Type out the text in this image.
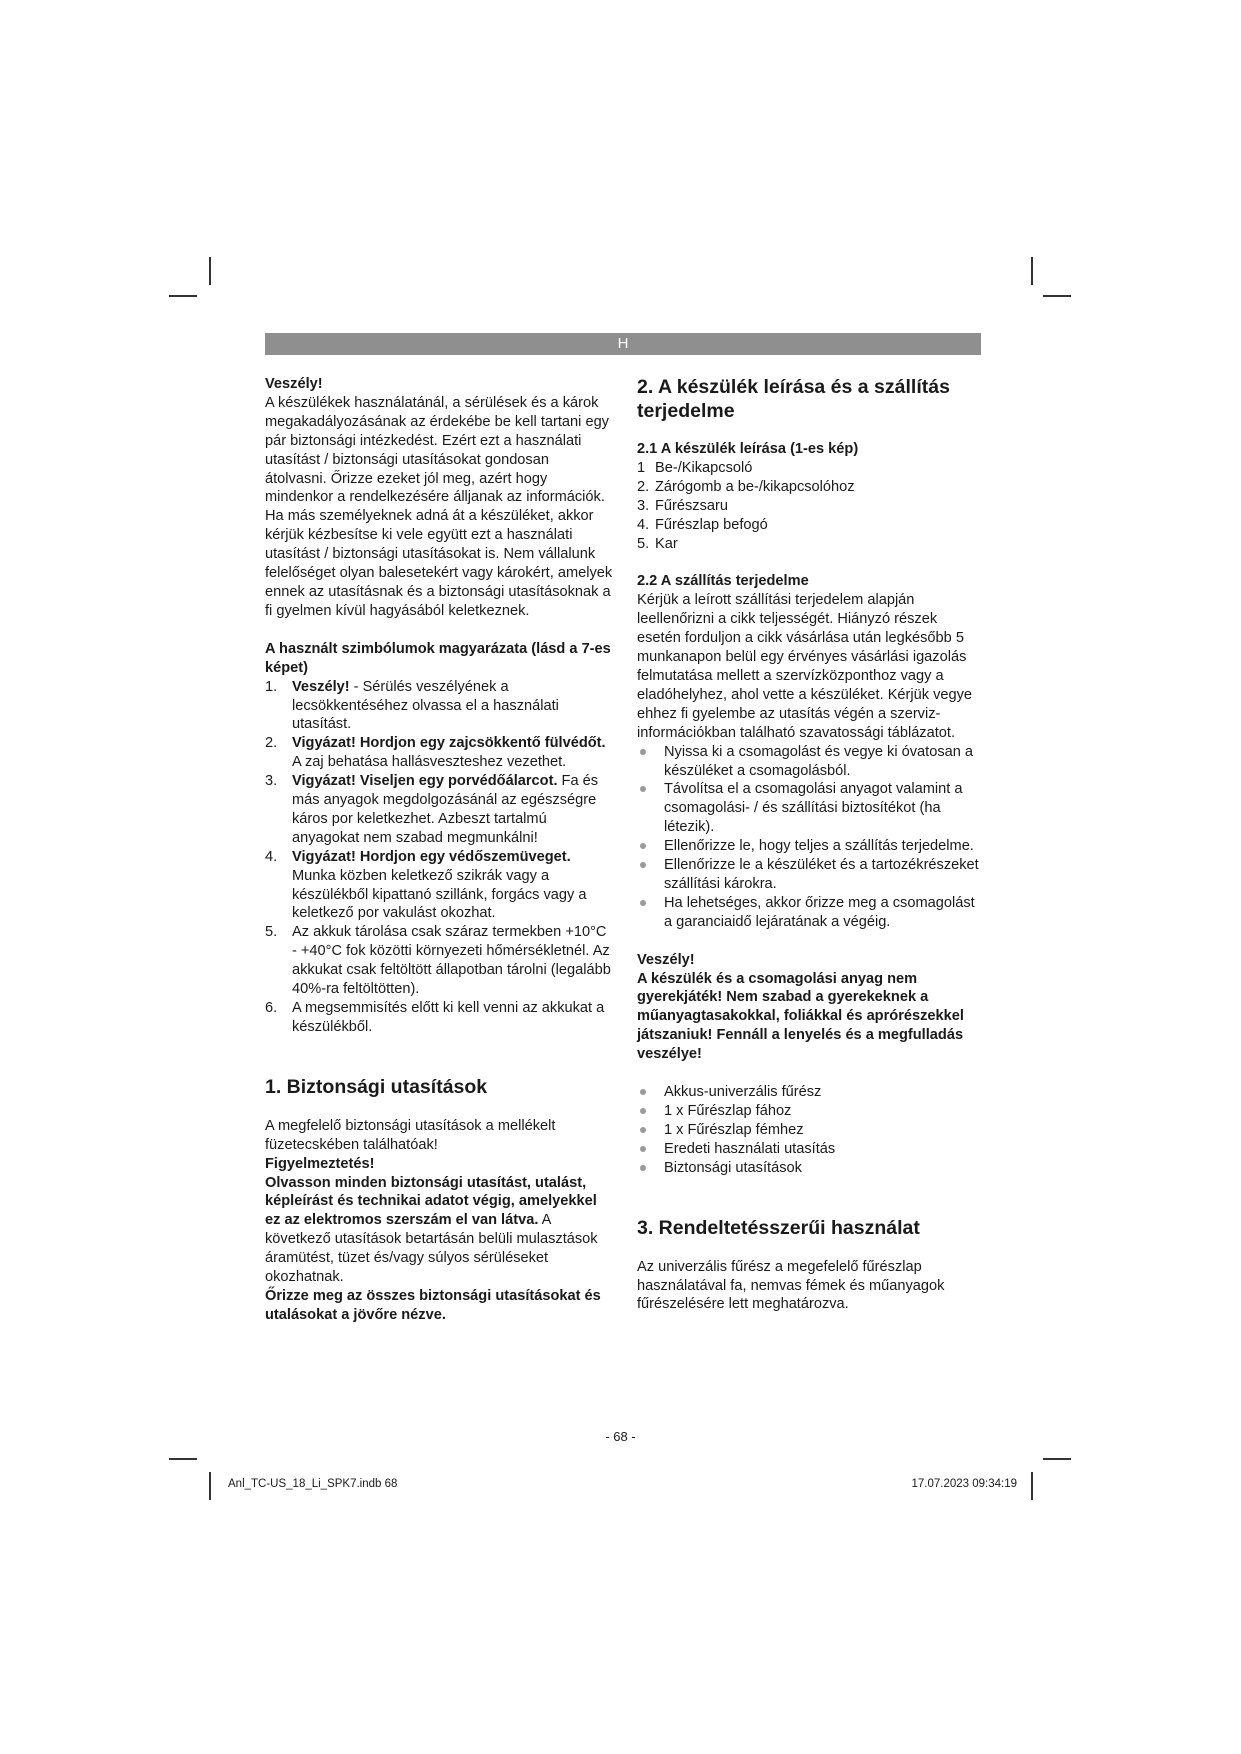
H

Veszély!

A készülékek használatánál, a sérülések és a károk megakadályozásának az érdekébe be kell tartani egy pár biztonsági intézkedést. Ezért ezt a használati utasítást / biztonsági utasításokat gondosan átolvasni. Őrizze ezeket jól meg, azért hogy mindenkor a rendelkezésére álljanak az információk. Ha más személyeknek adná át a készüléket, akkor kérjük kézbesítse ki vele együtt ezt a használati utasítást / biztonsági utasításokat is. Nem vállalunk felelőséget olyan balesetekért vagy károkért, amelyek ennek az utasításnak és a biztonsági utasításoknak a fi gyelmen kívül hagyásából keletkeznek.

A használt szimbólumok magyarázata (lásd a 7-es képet)

1. Veszély! - Sérülés veszélyének a lecsökkentéséhez olvassa el a használati utasítást.
2. Vigyázat! Hordjon egy zajcsökkentő fülvédőt. A zaj behatása hallásveszteshez vezethet.
3. Vigyázat! Viseljen egy porvédőálarcot. Fa és más anyagok megdolgozásánál az egészségre káros por keletkezhet. Azbeszt tartalmú anyagokat nem szabad megmunkálni!
4. Vigyázat! Hordjon egy védőszemüveget. Munka közben keletkező szikrák vagy a készülékből kipattanó szillánk, forgács vagy a keletkező por vakulást okozhat.
5. Az akkuk tárolása csak száraz termekben +10°C - +40°C fok közötti környezeti hőmérsékletnél. Az akkukat csak feltöltött állapotban tárolni (legalább 40%-ra feltöltötten).
6. A megsemmisítés előtt ki kell venni az akkukat a készülékből.

1. Biztonsági utasítások

A megfelelő biztonsági utasítások a mellékelt füzetecskében találhatóak!

Figyelmeztetés!

Olvasson minden biztonsági utasítást, utalást, képleírást és technikai adatot végig, amelyekkel ez az elektromos szerszám el van látva. A következő utasítások betartásán belüli mulasztások áramütést, tüzet és/vagy súlyos sérüléseket okozhatnak.

Őrizze meg az összes biztonsági utasításokat és utalásokat a jövőre nézve.

2. A készülék leírása és a szállítás terjedelme

2.1 A készülék leírása (1-es kép)

1 Be-/Kikapcsoló
2. Zárógomb a be-/kikapcsolóhoz
3. Fűrészsaru
4. Fűrészlap befogó
5. Kar

2.2 A szállítás terjedelme

Kérjük a leírott szállítási terjedelem alapján leellenőrizni a cikk teljességét. Hiányzó részek esetén forduljon a cikk vásárlása után legkésőbb 5 munkanapon belül egy érvényes vásárlási igazolás felmutatása mellett a szervízközponthoz vagy a eladóhelyhez, ahol vette a készüléket. Kérjük vegye ehhez fi gyelembe az utasítás végén a szerviz-információkban található szavatossági táblázatot.

Nyissa ki a csomagolást és vegye ki óvatosan a készüléket a csomagolásból.
Távolítsa el a csomagolási anyagot valamint a csomagolási- / és szállítási biztosítékot (ha létezik).
Ellenőrizze le, hogy teljes a szállítás terjedelme.
Ellenőrizze le a készüléket és a tartozékrészeket szállítási károkra.
Ha lehetséges, akkor őrizze meg a csomagolást a garanciaidő lejáratának a végéig.

Veszély!

A készülék és a csomagolási anyag nem gyerekjáték! Nem szabad a gyerekeknek a műanyagtasakokkal, foliákkal és aprórészekkel játszaniuk! Fennáll a lenyelés és a megfulladás veszélye!

Akkus-univerzális fűrész
1 x Fűrészlap fához
1 x Fűrészlap fémhez
Eredeti használati utasítás
Biztonsági utasítások

3. Rendeltetésszerűi használat

Az univerzális fűrész a megefelelő fűrészlap használatával fa, nemvas fémek és műanyagok fűrészelésére lett meghatározva.

- 68 -
Anl_TC-US_18_Li_SPK7.indb 68	17.07.2023 09:34:19
